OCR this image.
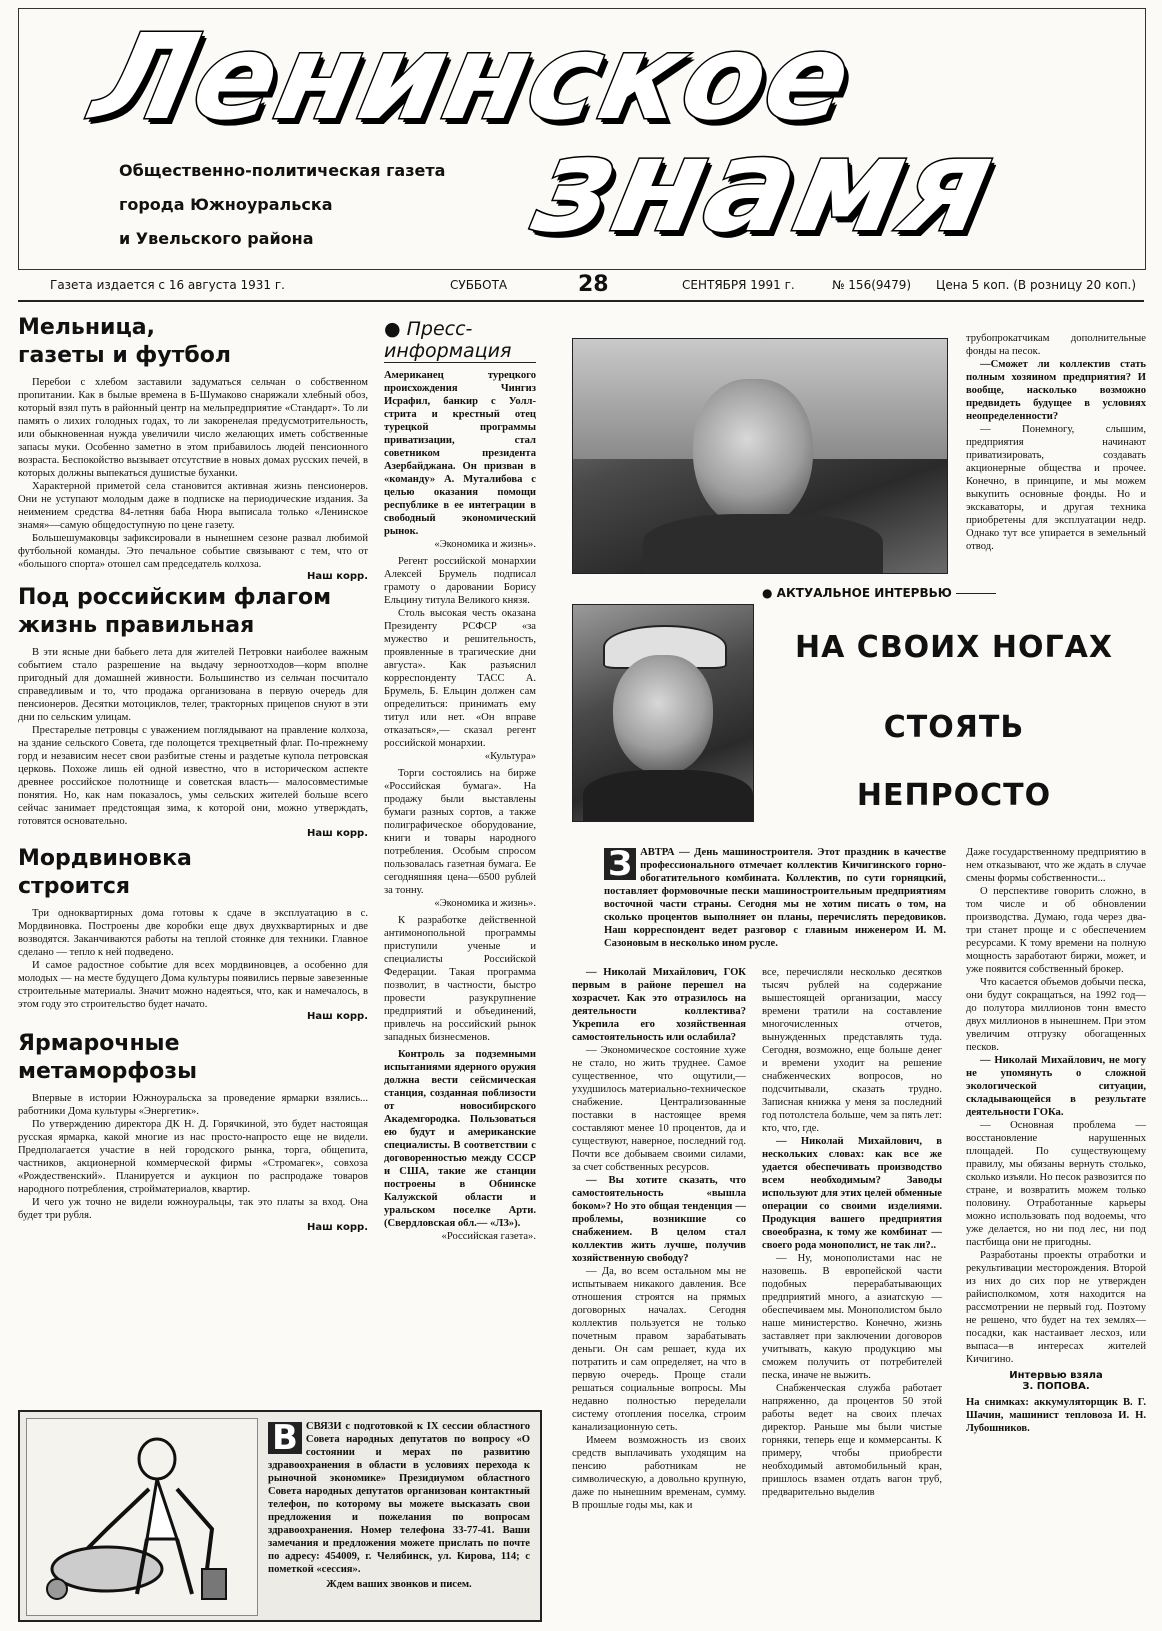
Ленинское
знамя
Общественно-политическая газета
города Южноуральска
и Увельского района
Газета издается с 16 августа 1931 г.	СУББОТА	28	СЕНТЯБРЯ 1991 г.	№ 156(9479) Цена 5 коп. (В розницу 20 коп.)
Мельница,
газеты и футбол

Перебои с хлебом заставили задуматься сельчан о собственном пропитании. Как в былые времена в Б-Шумаково снаряжали хлебный обоз, который взял путь в районный центр на мельпредприятие «Стандарт». То ли память о лихих голодных годах, то ли закоренелая предусмотрительность, или обыкновенная нужда увеличили число желающих иметь собственные запасы муки. Особенно заметно в этом прибавилось людей пенсионного возраста. Беспокойство вызывает отсутствие в новых домах русских печей, в которых должны выпекаться душистые буханки.

Характерной приметой села становится активная жизнь пенсионеров. Они не уступают молодым даже в подписке на периодические издания. За неимением средства 84-летняя баба Нюра выписала только «Ленинское знамя»—самую общедоступную по цене газету.

Большешумаковцы зафиксировали в нынешнем сезоне развал любимой футбольной команды. Это печальное событие связывают с тем, что от «большого спорта» отошел сам председатель колхоза.

Наш корр.
Под российским флагом
жизнь правильная

В эти ясные дни бабьего лета для жителей Петровки наиболее важным событием стало разрешение на выдачу зерноотходов—корм вполне пригодный для домашней живности. Большинство из сельчан посчитало справедливым и то, что продажа организована в первую очередь для пенсионеров. Десятки мотоциклов, телег, тракторных прицепов снуют в эти дни по сельским улицам.

Престарелые петровцы с уважением поглядывают на правление колхоза, на здание сельского Совета, где полощется трехцветный флаг. По-прежнему горд и независим несет свои разбитые стены и раздетые купола петровская церковь. Похоже лишь ей одной известно, что в историческом аспекте древнее российское полотнище и советская власть— малосовместимые понятия. Но, как нам показалось, умы сельских жителей больше всего сейчас занимает предстоящая зима, к которой они, можно утверждать, готовятся основательно.

Наш корр.
Мордвиновка
строится

Три одноквартирных дома готовы к сдаче в эксплуатацию в с. Мордвиновка. Построены две коробки еще двух двухквартирных и две возводятся. Заканчиваются работы на теплой стоянке для техники. Главное сделано — тепло к ней подведено.

И самое радостное событие для всех мордвиновцев, а особенно для молодых — на месте будущего Дома культуры появились первые завезенные строительные материалы. Значит можно надеяться, что, как и намечалось, в этом году это строительство будет начато.

Наш корр.
Ярмарочные
метаморфозы

Впервые в истории Южноуральска за проведение ярмарки взялись... работники Дома культуры «Энергетик».

По утверждению директора ДК Н. Д. Горячкиной, это будет настоящая русская ярмарка, какой многие из нас просто-напросто еще не видели. Предполагается участие в ней городского рынка, торга, общепита, частников, акционерной коммерческой фирмы «Стромагек», совхоза «Рождественский». Планируется и аукцион по распродаже товаров народного потребления, стройматериалов, квартир.

И чего уж точно не видели южноуральцы, так это платы за вход. Она будет три рубля.

Наш корр.
● Пресс-
информация

Американец турецкого происхождения Чингиз Исрафил, банкир с Уолл-стрита и крестный отец турецкой программы приватизации, стал советником президента Азербайджана. Он призван в «команду» А. Муталибова с целью оказания помощи республике в ее интеграции в свободный экономический рынок.

«Экономика и жизнь».

Регент российской монархии Алексей Брумель подписал грамоту о даровании Борису Ельцину титула Великого князя.

Столь высокая честь оказана Президенту РСФСР «за мужество и решительность, проявленные в трагические дни августа». Как разъяснил корреспонденту ТАСС А. Брумель, Б. Ельцин должен сам определиться: принимать ему титул или нет. «Он вправе отказаться»,— сказал регент российской монархии.

«Культура»

Торги состоялись на бирже «Российская бумага». На продажу были выставлены бумаги разных сортов, а также полиграфическое оборудование, книги и товары народного потребления. Особым спросом пользовалась газетная бумага. Ее сегодняшняя цена—6500 рублей за тонну.

«Экономика и жизнь».

К разработке действенной антимонопольной программы приступили ученые и специалисты Российской Федерации. Такая программа позволит, в частности, быстро провести разукрупнение предприятий и объединений, привлечь на российский рынок западных бизнесменов.

Контроль за подземными испытаниями ядерного оружия должна вести сейсмическая станция, созданная поблизости от новосибирского Академгородка. Пользоваться ею будут и американские специалисты. В соответствии с договоренностью между СССР и США, такие же станции построены в Обнинске Калужской области и уральском поселке Арти. (Свердловская обл.— «ЛЗ»).

«Российская газета».

В СВЯЗИ с подготовкой к IX сессии областного Совета народных депутатов по вопросу «О состоянии и мерах по развитию здравоохранения в области в условиях перехода к рыночной экономике» Президиумом областного Совета народных депутатов организован контактный телефон, по которому вы можете высказать свои предложения и пожелания по вопросам здравоохранения. Номер телефона 33-77-41. Ваши замечания и предложения можете прислать по почте по адресу: 454009, г. Челябинск, ул. Кирова, 114; с пометкой «сессия».

Ждем ваших звонков и писем.

трубопрокатчикам дополнительные фонды на песок.

—Сможет ли коллектив стать полным хозяином предприятия? И вообще, насколько возможно предвидеть будущее в условиях неопределенности?

— Понемногу, слышим, предприятия начинают приватизировать, создавать акционерные общества и прочее. Конечно, в принципе, и мы можем выкупить основные фонды. Но и экскаваторы, и другая техника приобретены для эксплуатации недр. Однако тут все упирается в земельный отвод.

● АКТУАЛЬНОЕ ИНТЕРВЬЮ
НА СВОИХ НОГАХ
СТОЯТЬ
НЕПРОСТО

З АВТРА — День машиностроителя. Этот праздник в качестве профессионального отмечает коллектив Кичигинского горно-обогатительного комбината. Коллектив, по сути горняцкий, поставляет формовочные пески машиностроительным предприятиям восточной части страны. Сегодня мы не хотим писать о том, на сколько процентов выполняет он планы, перечислять передовиков. Наш корреспондент ведет разговор с главным инженером И. М. Сазоновым в несколько ином русле.

— Николай Михайлович, ГОК первым в районе перешел на хозрасчет. Как это отразилось на деятельности коллектива? Укрепила его хозяйственная самостоятельность или ослабила?

— Экономическое состояние хуже не стало, но жить труднее. Самое существенное, что ощутили,— ухудшилось материально-техническое снабжение. Централизованные поставки в настоящее время составляют менее 10 процентов, да и существуют, наверное, последний год. Почти все добываем своими силами, за счет собственных ресурсов.

— Вы хотите сказать, что самостоятельность «вышла боком»? Но это общая тенденция — проблемы, возникшие со снабжением. В целом стал коллектив жить лучше, получив хозяйственную свободу?

— Да, во всем остальном мы не испытываем никакого давления. Все отношения строятся на прямых договорных началах. Сегодня коллектив пользуется не только почетным правом зарабатывать деньги. Он сам решает, куда их потратить и сам определяет, на что в первую очередь. Проще стали решаться социальные вопросы. Мы недавно полностью переделали систему отопления поселка, строим канализационную сеть.

Имеем возможность из своих средств выплачивать уходящим на пенсию работникам не символическую, а довольно крупную, даже по нынешним временам, сумму. В прошлые годы мы, как и

все, перечисляли несколько десятков тысяч рублей на содержание вышестоящей организации, массу времени тратили на составление многочисленных отчетов, вынужденных представлять туда. Сегодня, возможно, еще больше денег и времени уходит на решение снабженческих вопросов, но подсчитывали, сказать трудно. Записная книжка у меня за последний год потолстела больше, чем за пять лет: кто, что, где.

— Николай Михайлович, в нескольких словах: как все же удается обеспечивать производство всем необходимым? Заводы используют для этих целей обменные операции со своими изделиями. Продукция вашего предприятия своеобразна, к тому же комбинат — своего рода монополист, не так ли?..

— Ну, монополистами нас не назовешь. В европейской части подобных перерабатывающих предприятий много, а азиатскую — обеспечиваем мы. Монополистом было наше министерство. Конечно, жизнь заставляет при заключении договоров учитывать, какую продукцию мы сможем получить от потребителей песка, иначе не выжить.

Снабженческая служба работает напряженно, да процентов 50 этой работы ведет на своих плечах директор. Раньше мы были чистые горняки, теперь еще и коммерсанты. К примеру, чтобы приобрести необходимый автомобильный кран, пришлось взамен отдать вагон труб, предварительно выделив

Даже государственному предприятию в нем отказывают, что же ждать в случае смены формы собственности...

О перспективе говорить сложно, в том числе и об обновлении производства. Думаю, года через два-три станет проще и с обеспечением ресурсами. К тому времени на полную мощность заработают биржи, может, и уже появится собственный брокер.

Что касается объемов добычи песка, они будут сокращаться, на 1992 год— до полутора миллионов тонн вместо двух миллионов в нынешнем. При этом увеличим отгрузку обогащенных песков.

— Николай Михайлович, не могу не упомянуть о сложной экологической ситуации, складывающейся в результате деятельности ГОКа.

— Основная проблема — восстановление нарушенных площадей. По существующему правилу, мы обязаны вернуть столько, сколько изъяли. Но песок развозится по стране, и возвратить можем только половину. Отработанные карьеры можно использовать под водоемы, что уже делается, но ни под лес, ни под пастбища они не пригодны.

Разработаны проекты отработки и рекультивации месторождения. Второй из них до сих пор не утвержден райисполкомом, хотя находится на рассмотрении не первый год. Поэтому не решено, что будет на тех землях—посадки, как настаивает лесхоз, или выпаса—в интересах жителей Кичигино.

Интервью взяла
З. ПОПОВА.

На снимках: аккумуляторщик В. Г. Шачин, машинист тепловоза И. Н. Лубошников.
